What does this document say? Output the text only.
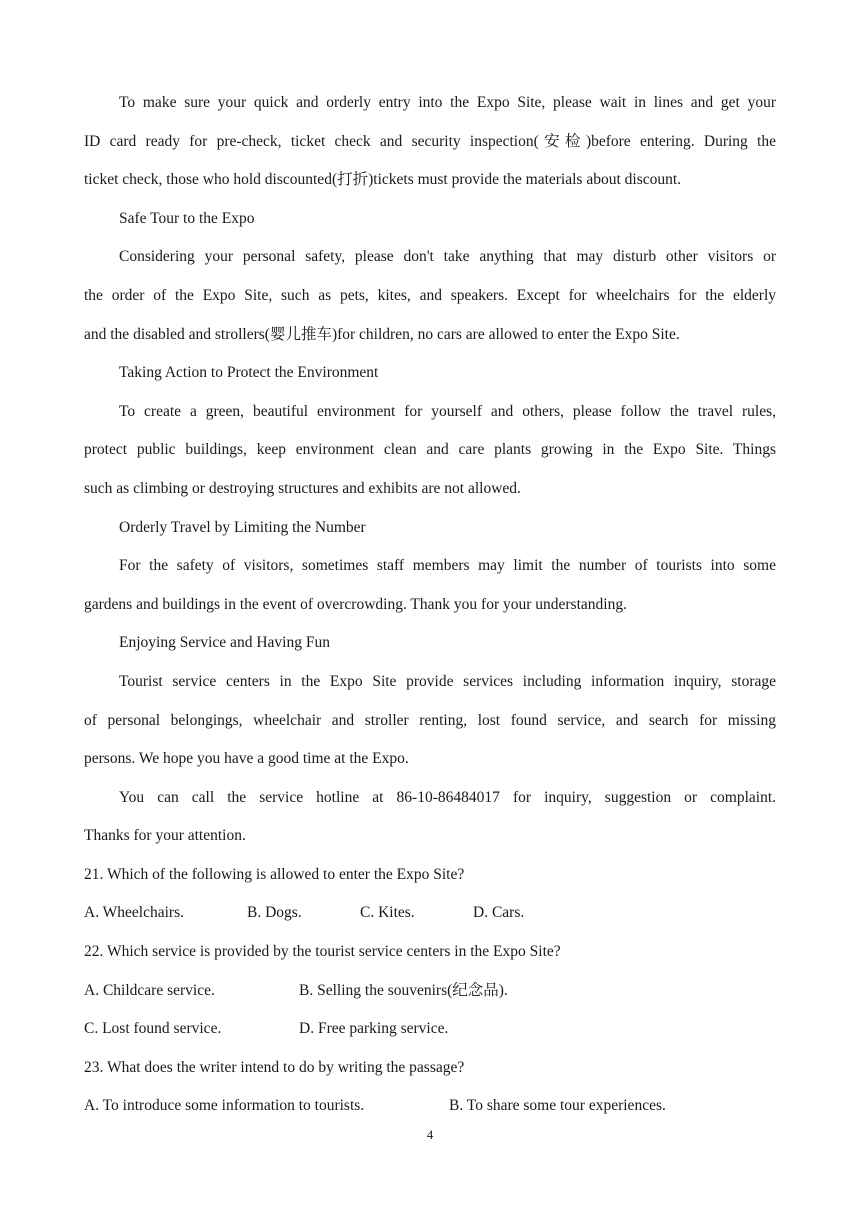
To make sure your quick and orderly entry into the Expo Site, please wait in lines and get your

ID card ready for pre-check, ticket check and security inspection(安检)before entering. During the

ticket check, those who hold discounted(打折)tickets must provide the materials about discount.

Safe Tour to the Expo

Considering your personal safety, please don't take anything that may disturb other visitors or

the order of the Expo Site, such as pets, kites, and speakers. Except for wheelchairs for the elderly

and the disabled and strollers(婴儿推车)for children, no cars are allowed to enter the Expo Site.

Taking Action to Protect the Environment

To create a green, beautiful environment for yourself and others, please follow the travel rules,

protect public buildings, keep environment clean and care plants growing in the Expo Site. Things

such as climbing or destroying structures and exhibits are not allowed.

Orderly Travel by Limiting the Number

For the safety of visitors, sometimes staff members may limit the number of tourists into some

gardens and buildings in the event of overcrowding. Thank you for your understanding.

Enjoying Service and Having Fun

Tourist service centers in the Expo Site provide services including information inquiry, storage

of personal belongings, wheelchair and stroller renting, lost found service, and search for missing

persons. We hope you have a good time at the Expo.

You can call the service hotline at 86-10-86484017 for inquiry, suggestion or complaint.

Thanks for your attention.

21. Which of the following is allowed to enter the Expo Site?

A. Wheelchairs.	B. Dogs.	C. Kites.	D. Cars.

22. Which service is provided by the tourist service centers in the Expo Site?

A. Childcare service.	B. Selling the souvenirs(纪念品).

C. Lost found service.	D. Free parking service.

23. What does the writer intend to do by writing the passage?

A. To introduce some information to tourists.	B. To share some tour experiences.

4
